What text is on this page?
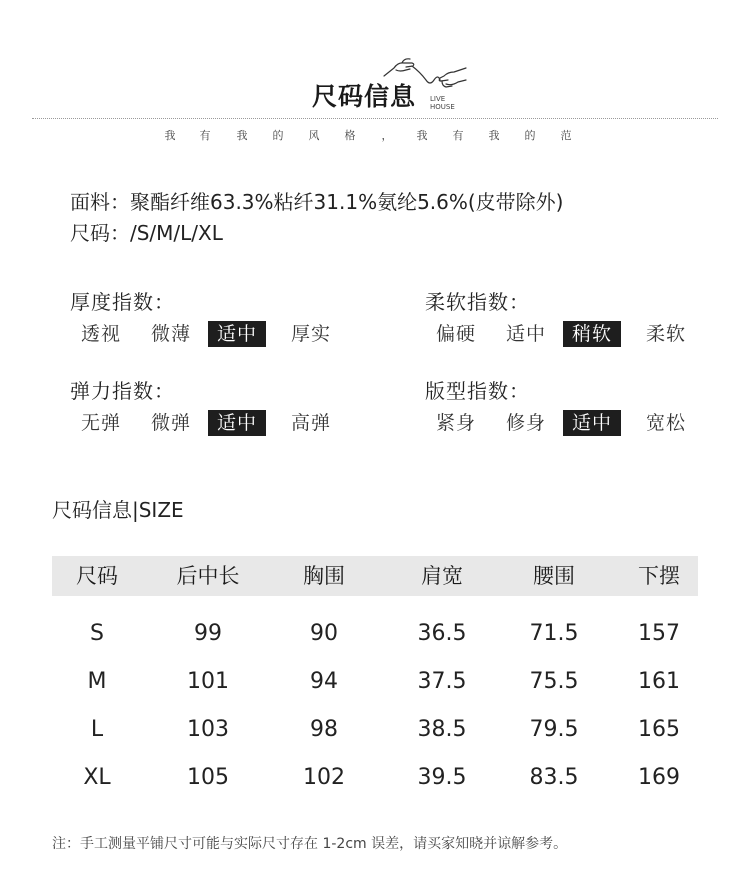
尺码信息 LIVE
HOUSE
我	有	我	的	风	格	，	我	有	我	的	范
面料：聚酯纤维63.3%粘纤31.1%氨纶5.6%(皮带除外)
尺码：/S/M/L/XL
厚度指数：
透视	微薄	适中	厚实
柔软指数：
偏硬	适中	稍软	柔软
弹力指数：
无弹	微弹	适中	高弹
版型指数：
紧身	修身	适中	宽松
尺码信息|SIZE
尺码	后中长	胸围	肩宽	腰围	下摆
S	99	90	36.5	71.5	157
M	101	94	37.5	75.5	161
L	103	98	38.5	79.5	165
XL	105	102	39.5	83.5	169
注：手工测量平铺尺寸可能与实际尺寸存在 1-2cm 误差，请买家知晓并谅解参考。
